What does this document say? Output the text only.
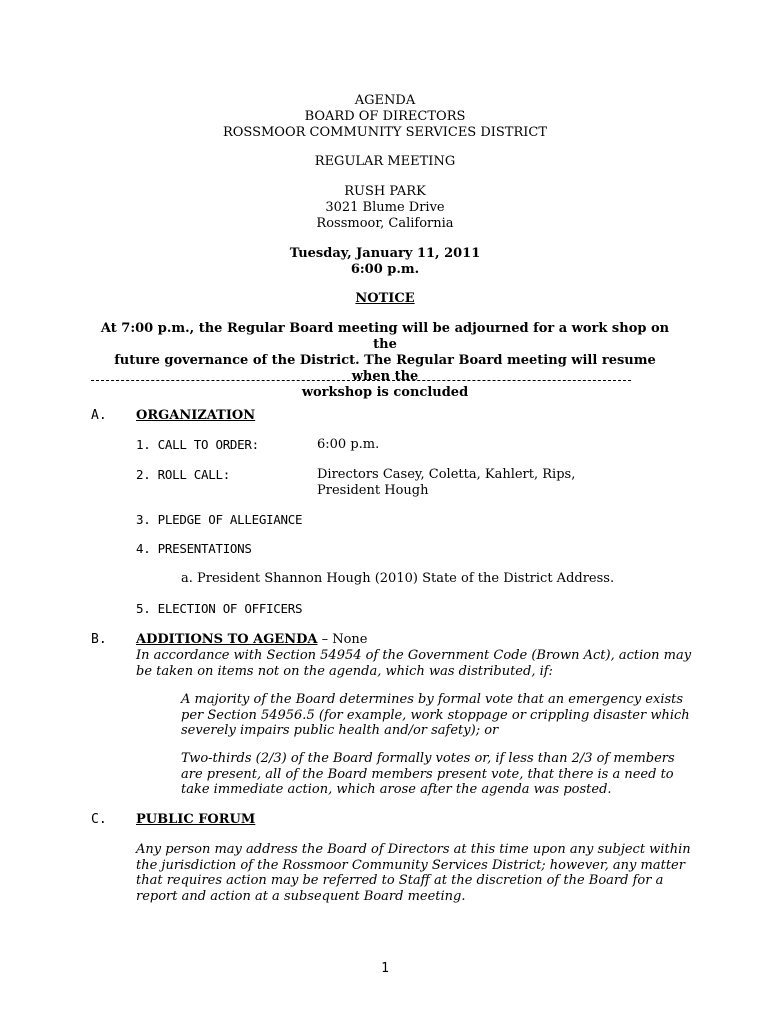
AGENDA
BOARD OF DIRECTORS
ROSSMOOR COMMUNITY SERVICES DISTRICT
REGULAR MEETING
RUSH PARK
3021 Blume Drive
Rossmoor, California
Tuesday, January 11, 2011
6:00 p.m.
NOTICE
At 7:00 p.m., the Regular Board meeting will be adjourned for a work shop on the
future governance of the District. The Regular Board meeting will resume when the
workshop is concluded
A. ORGANIZATION
1. CALL TO ORDER:	6:00 p.m.
2. ROLL CALL:	Directors Casey, Coletta, Kahlert, Rips,
President Hough
3. PLEDGE OF ALLEGIANCE
4. PRESENTATIONS
a. President Shannon Hough (2010) State of the District Address.
5. ELECTION OF OFFICERS
B. ADDITIONS TO AGENDA – None
In accordance with Section 54954 of the Government Code (Brown Act), action may
be taken on items not on the agenda, which was distributed, if:
A majority of the Board determines by formal vote that an emergency exists
per Section 54956.5 (for example, work stoppage or crippling disaster which
severely impairs public health and/or safety); or
Two-thirds (2/3) of the Board formally votes or, if less than 2/3 of members
are present, all of the Board members present vote, that there is a need to
take immediate action, which arose after the agenda was posted.
C. PUBLIC FORUM
Any person may address the Board of Directors at this time upon any subject within
the jurisdiction of the Rossmoor Community Services District; however, any matter
that requires action may be referred to Staff at the discretion of the Board for a
report and action at a subsequent Board meeting.
1
